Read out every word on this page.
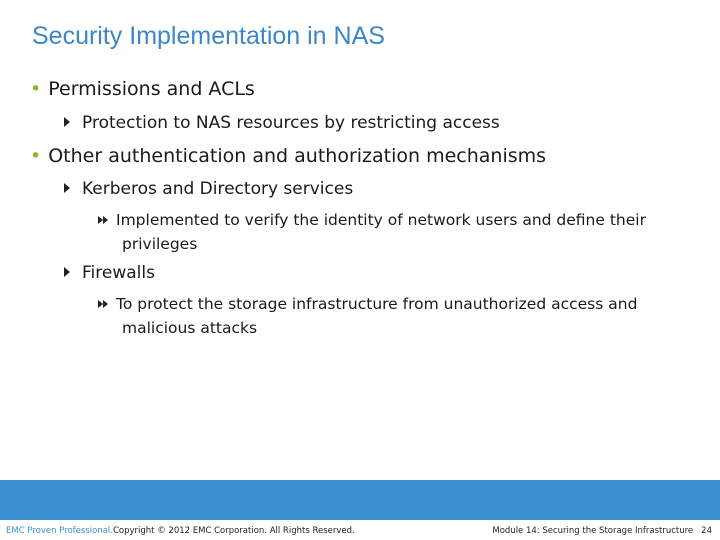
Security Implementation in NAS
• Permissions and ACLs
Protection to NAS resources by restricting access
• Other authentication and authorization mechanisms
Kerberos and Directory services
Implemented to verify the identity of network users and define their
privileges
Firewalls
To protect the storage infrastructure from unauthorized access and
malicious attacks
EMC Proven Professional.Copyright © 2012 EMC Corporation. All Rights Reserved.	Module 14: Securing the Storage Infrastructure 24
